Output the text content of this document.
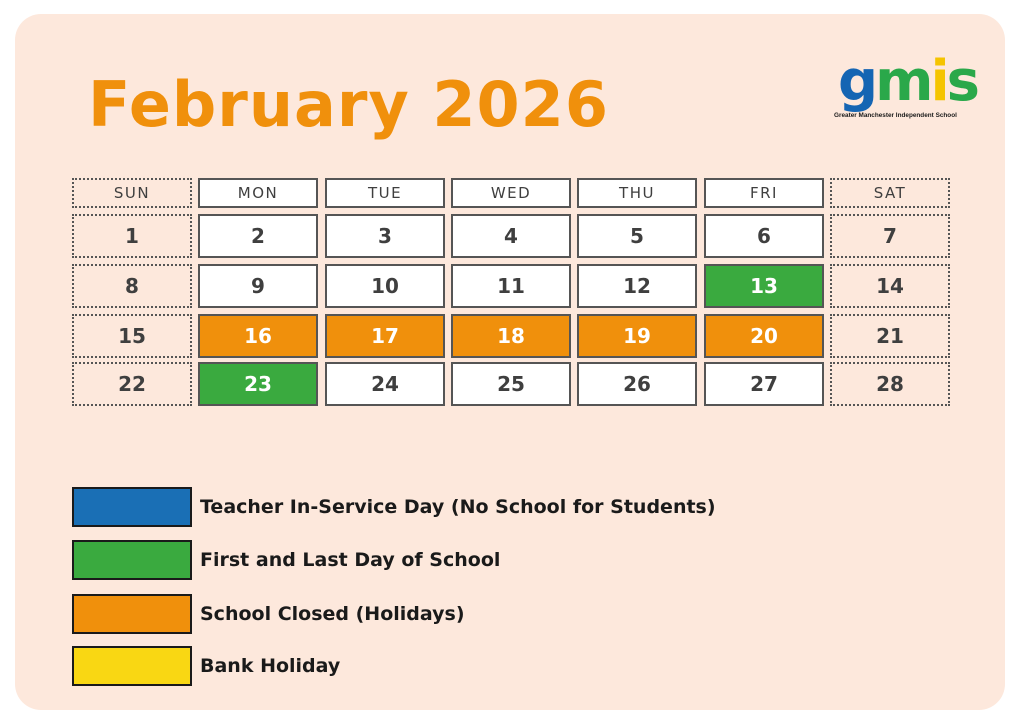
February 2026	g m i s
Greater Manchester Independent School
SUN	MON	TUE	WED	THU	FRI	SAT
1	2	3	4	5	6	7
8	9	10	11	12	13	14
15	16	17	18	19	20	21
22	23	24	25	26	27	28
Teacher In-Service Day (No School for Students)
First and Last Day of School
School Closed (Holidays)
Bank Holiday
